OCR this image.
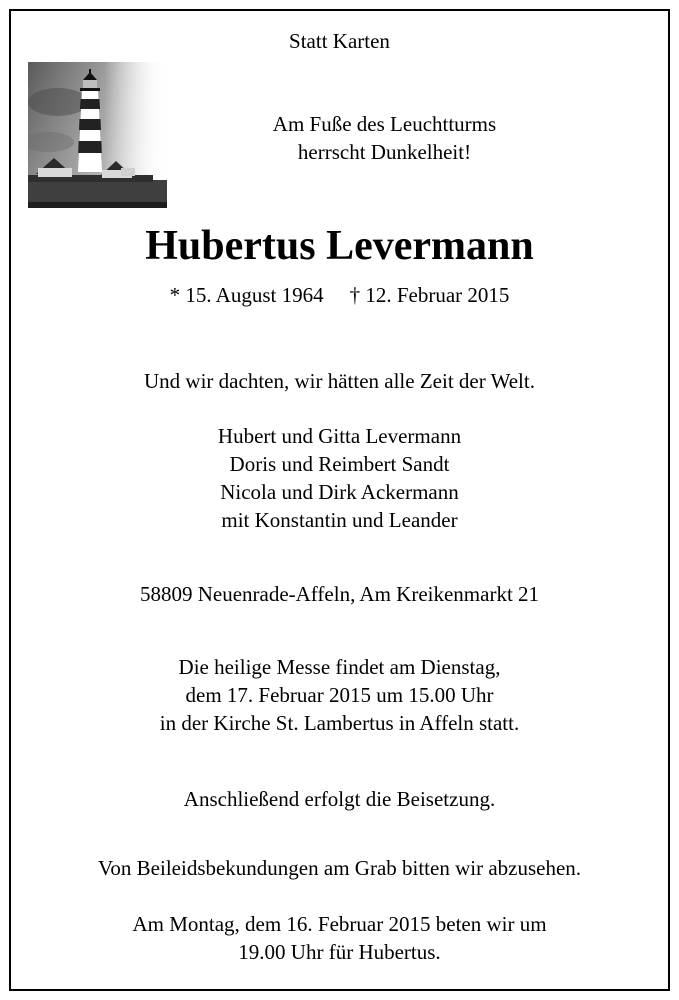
Statt Karten
Am Fuße des Leuchtturms
herrscht Dunkelheit!
Hubertus Levermann
* 15. August 1964 † 12. Februar 2015
Und wir dachten, wir hätten alle Zeit der Welt.
Hubert und Gitta Levermann
Doris und Reimbert Sandt
Nicola und Dirk Ackermann
mit Konstantin und Leander
58809 Neuenrade-Affeln, Am Kreikenmarkt 21
Die heilige Messe findet am Dienstag,
dem 17. Februar 2015 um 15.00 Uhr
in der Kirche St. Lambertus in Affeln statt.
Anschließend erfolgt die Beisetzung.
Von Beileidsbekundungen am Grab bitten wir abzusehen.
Am Montag, dem 16. Februar 2015 beten wir um
19.00 Uhr für Hubertus.
